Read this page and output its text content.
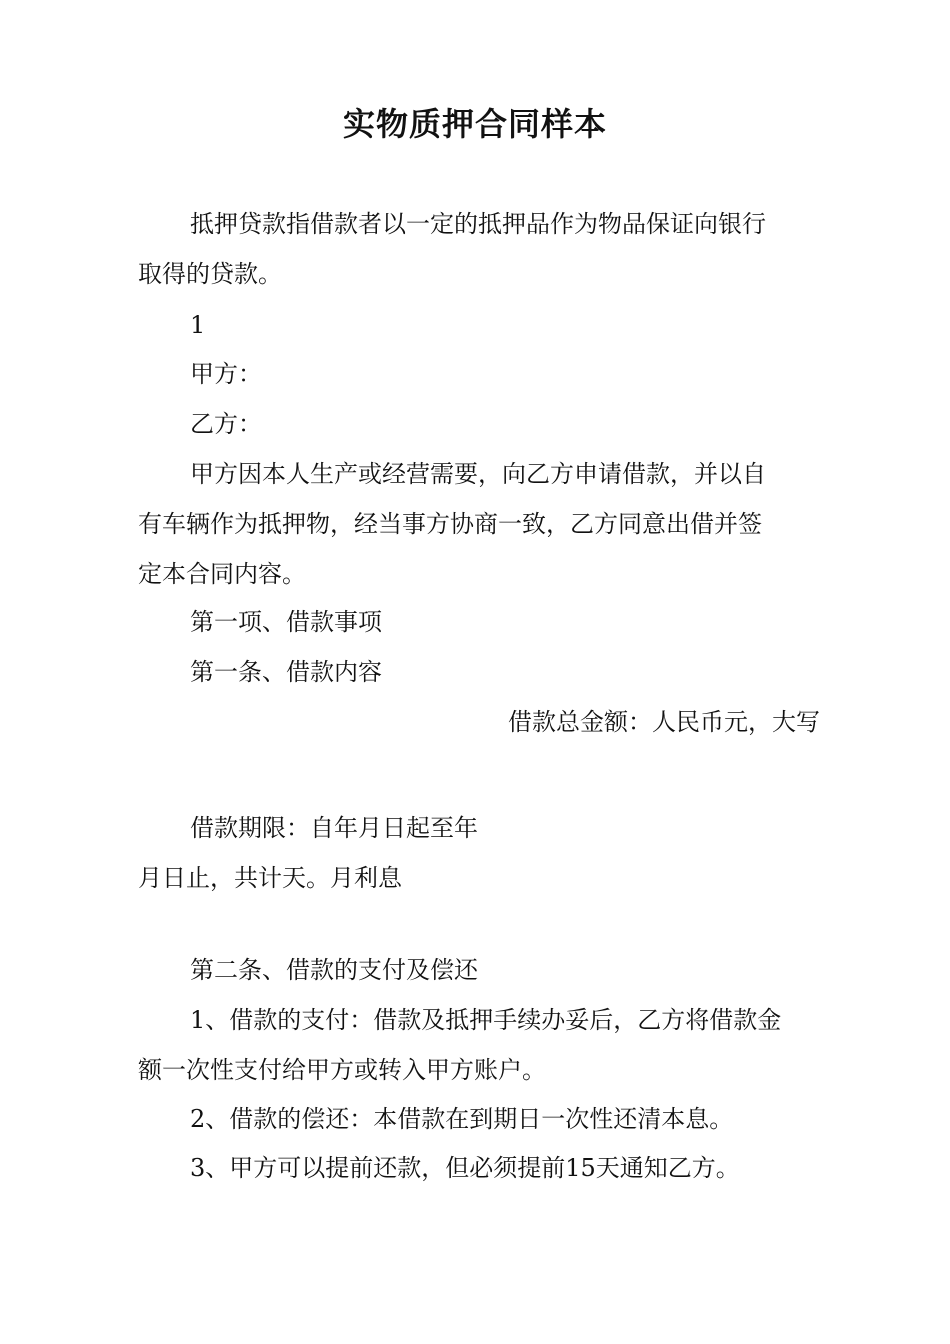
实物质押合同样本
抵押贷款指借款者以一定的抵押品作为物品保证向银行
取得的贷款。
1
甲方：
乙方：
甲方因本人生产或经营需要，向乙方申请借款，并以自
有车辆作为抵押物，经当事方协商一致，乙方同意出借并签
定本合同内容。
第一项、借款事项
第一条、借款内容
借款总金额：人民币元，大写
借款期限：自年月日起至年
月日止，共计天。月利息
第二条、借款的支付及偿还
1、借款的支付：借款及抵押手续办妥后，乙方将借款金
额一次性支付给甲方或转入甲方账户。
2、借款的偿还：本借款在到期日一次性还清本息。
3、甲方可以提前还款，但必须提前15天通知乙方。
